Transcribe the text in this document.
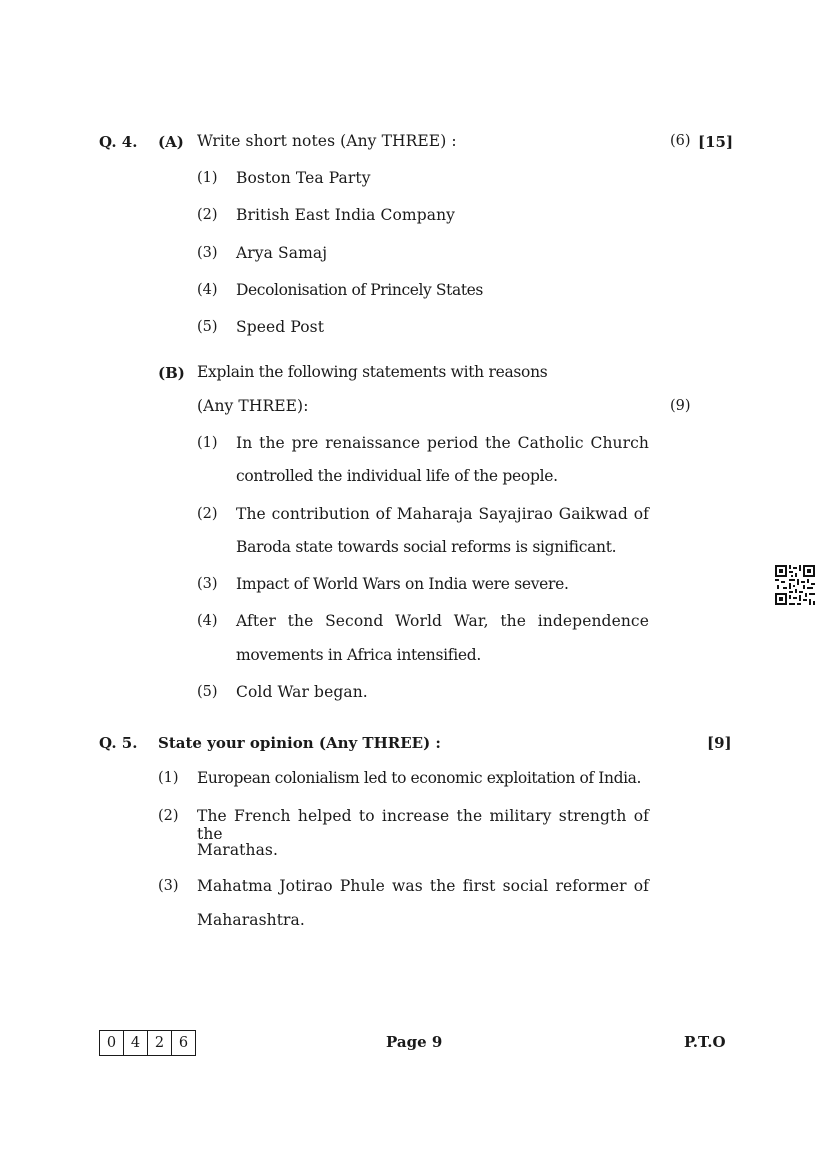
Q. 4. (A) Write short notes (Any THREE) :	(6) [15]
(1) Boston Tea Party
(2) British East India Company
(3) Arya Samaj
(4) Decolonisation of Princely States
(5) Speed Post
(B) Explain the following statements with reasons
(Any THREE):	(9)
(1) In the pre renaissance period the Catholic Church
controlled the individual life of the people.
(2) The contribution of Maharaja Sayajirao Gaikwad of
Baroda state towards social reforms is significant.
(3) Impact of World Wars on India were severe.
(4) After the Second World War, the independence
movements in Africa intensified.
(5) Cold War began.
Q. 5. State your opinion (Any THREE) :	[9]
(1) European colonialism led to economic exploitation of India.
(2) The French helped to increase the military strength of the
Marathas.
(3) Mahatma Jotirao Phule was the first social reformer of
Maharashtra.
0	4	2	6	Page 9	P.T.O
